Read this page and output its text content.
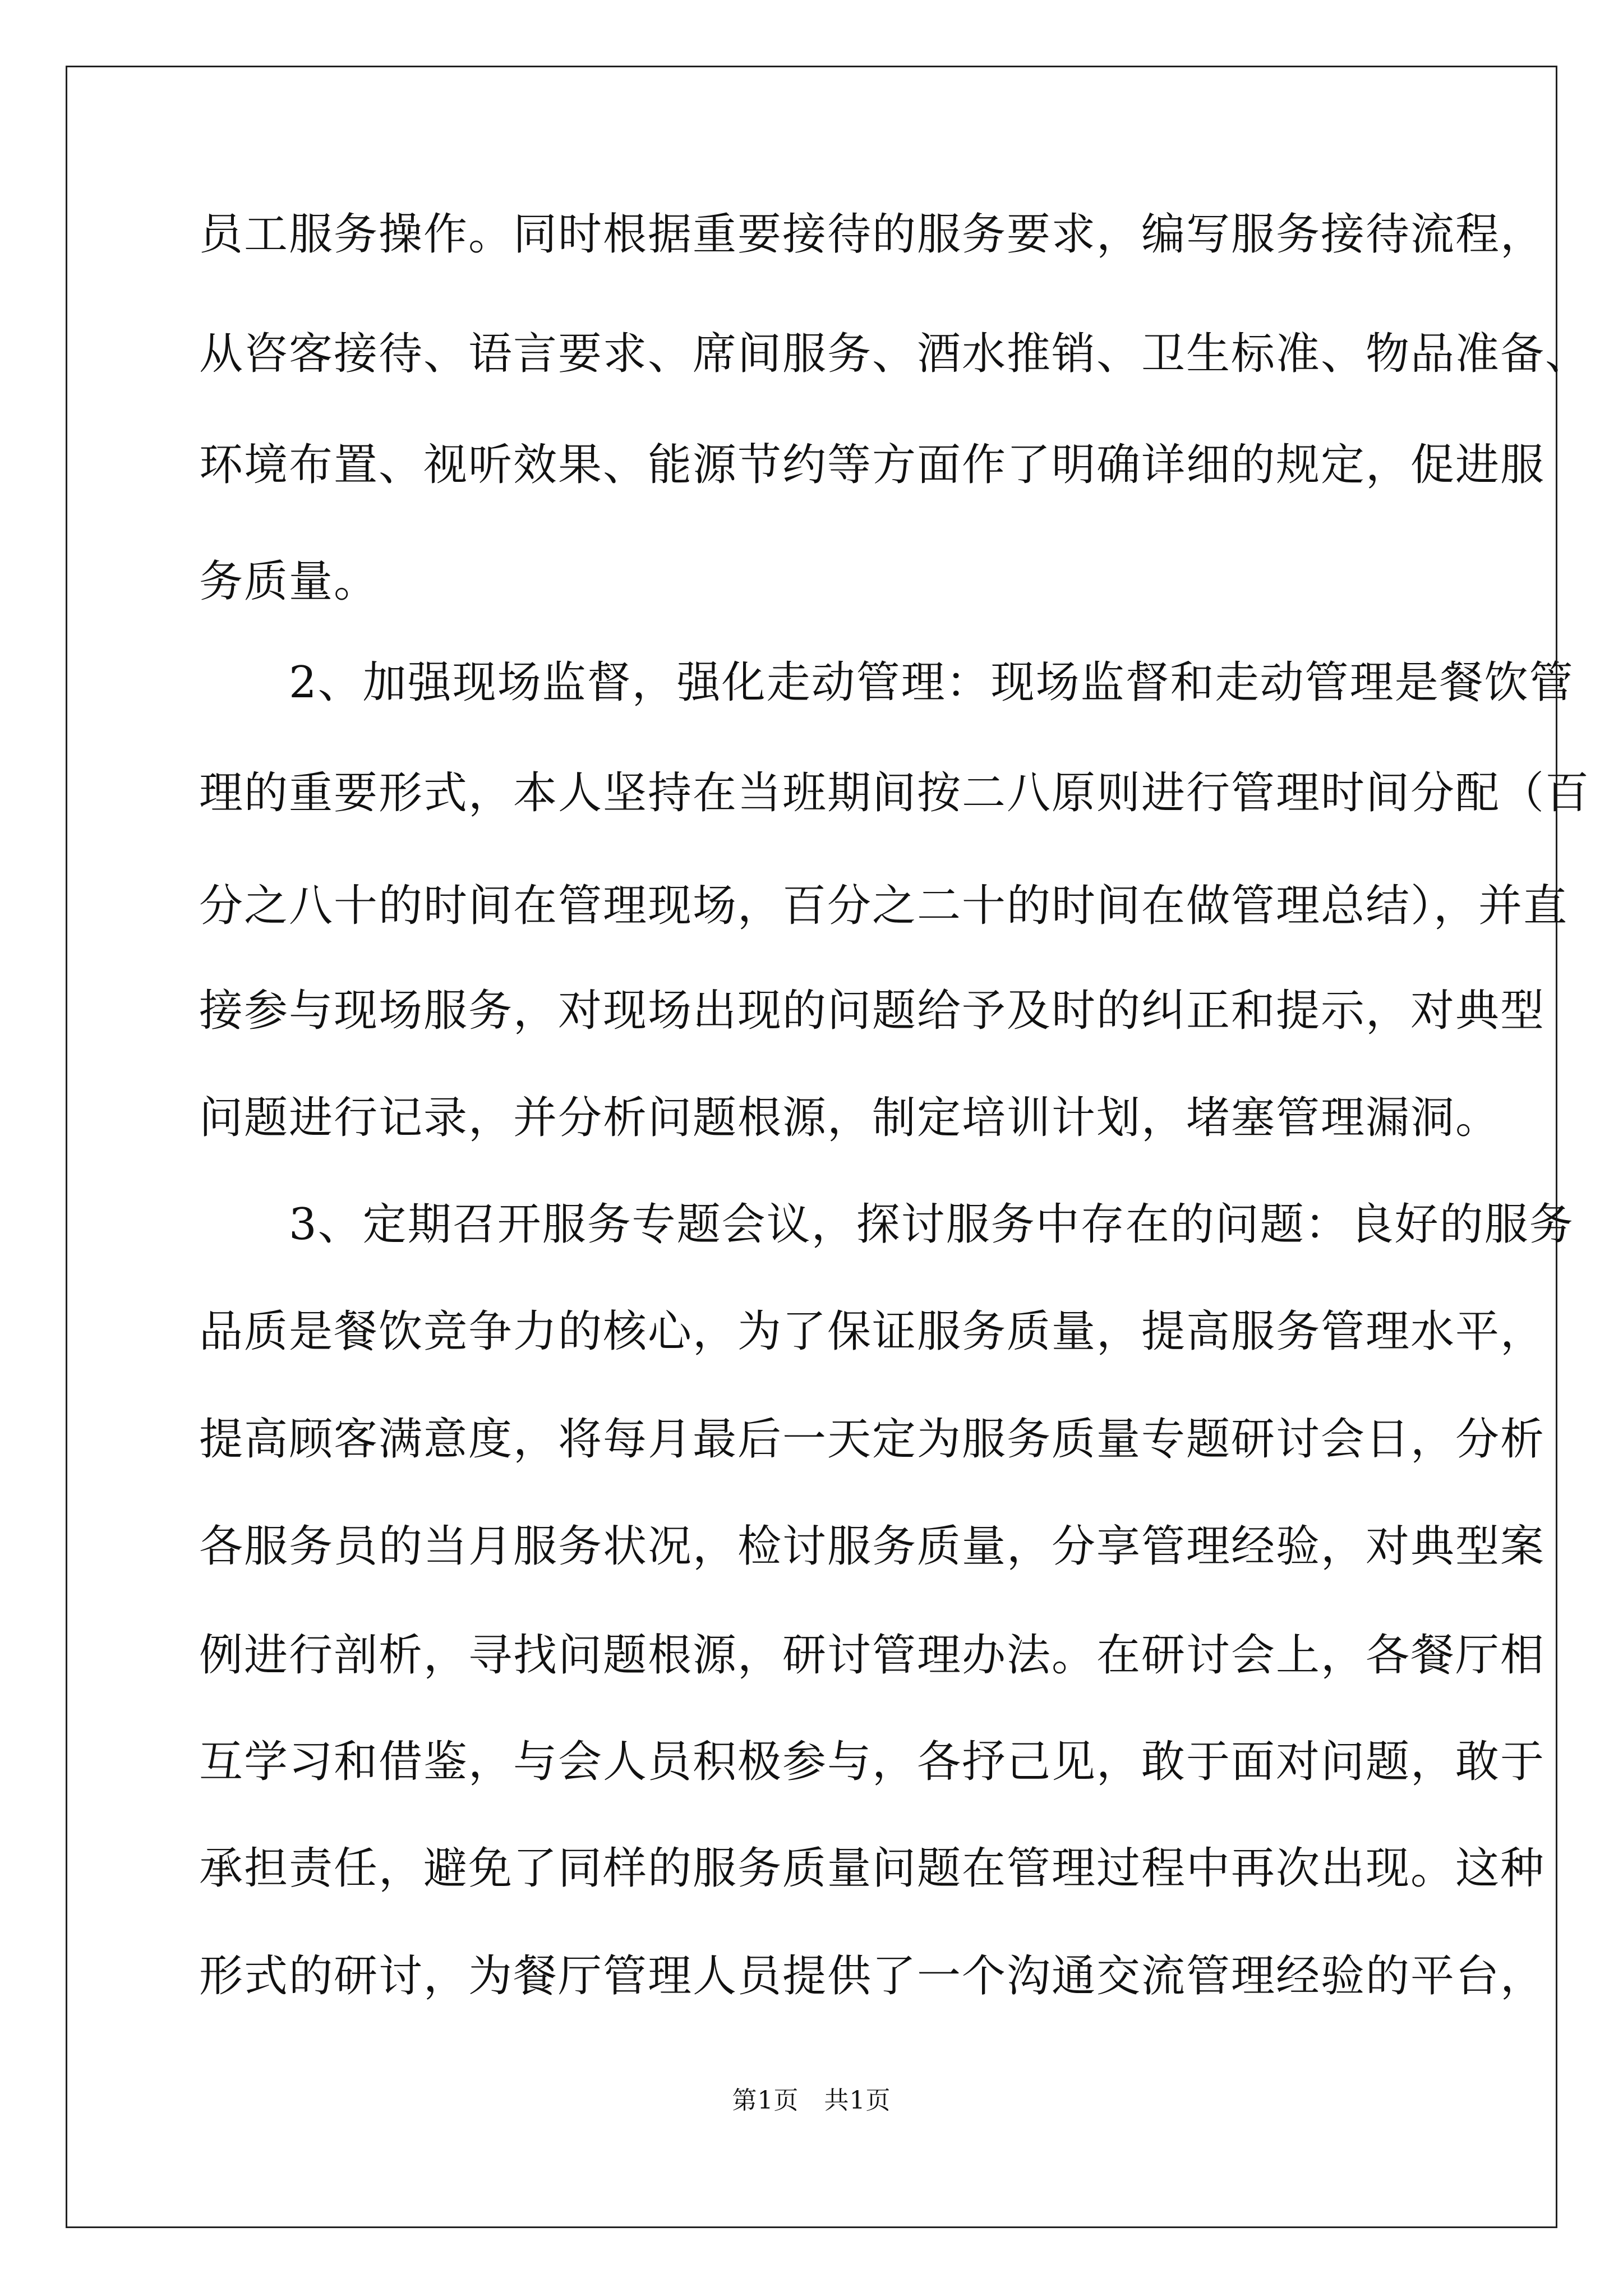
员工服务操作。同时根据重要接待的服务要求，编写服务接待流程，
从咨客接待、语言要求、席间服务、酒水推销、卫生标准、物品准备、
环境布置、视听效果、能源节约等方面作了明确详细的规定，促进服
务质量。
　　2、加强现场监督，强化走动管理：现场监督和走动管理是餐饮管
理的重要形式，本人坚持在当班期间按二八原则进行管理时间分配（百
分之八十的时间在管理现场，百分之二十的时间在做管理总结），并直
接参与现场服务，对现场出现的问题给予及时的纠正和提示，对典型
问题进行记录，并分析问题根源，制定培训计划，堵塞管理漏洞。
　　3、定期召开服务专题会议，探讨服务中存在的问题：良好的服务
品质是餐饮竞争力的核心，为了保证服务质量，提高服务管理水平，
提高顾客满意度，将每月最后一天定为服务质量专题研讨会日，分析
各服务员的当月服务状况，检讨服务质量，分享管理经验，对典型案
例进行剖析，寻找问题根源，研讨管理办法。在研讨会上，各餐厅相
互学习和借鉴，与会人员积极参与，各抒己见，敢于面对问题，敢于
承担责任，避免了同样的服务质量问题在管理过程中再次出现。这种
形式的研讨，为餐厅管理人员提供了一个沟通交流管理经验的平台，
第1页　共1页
